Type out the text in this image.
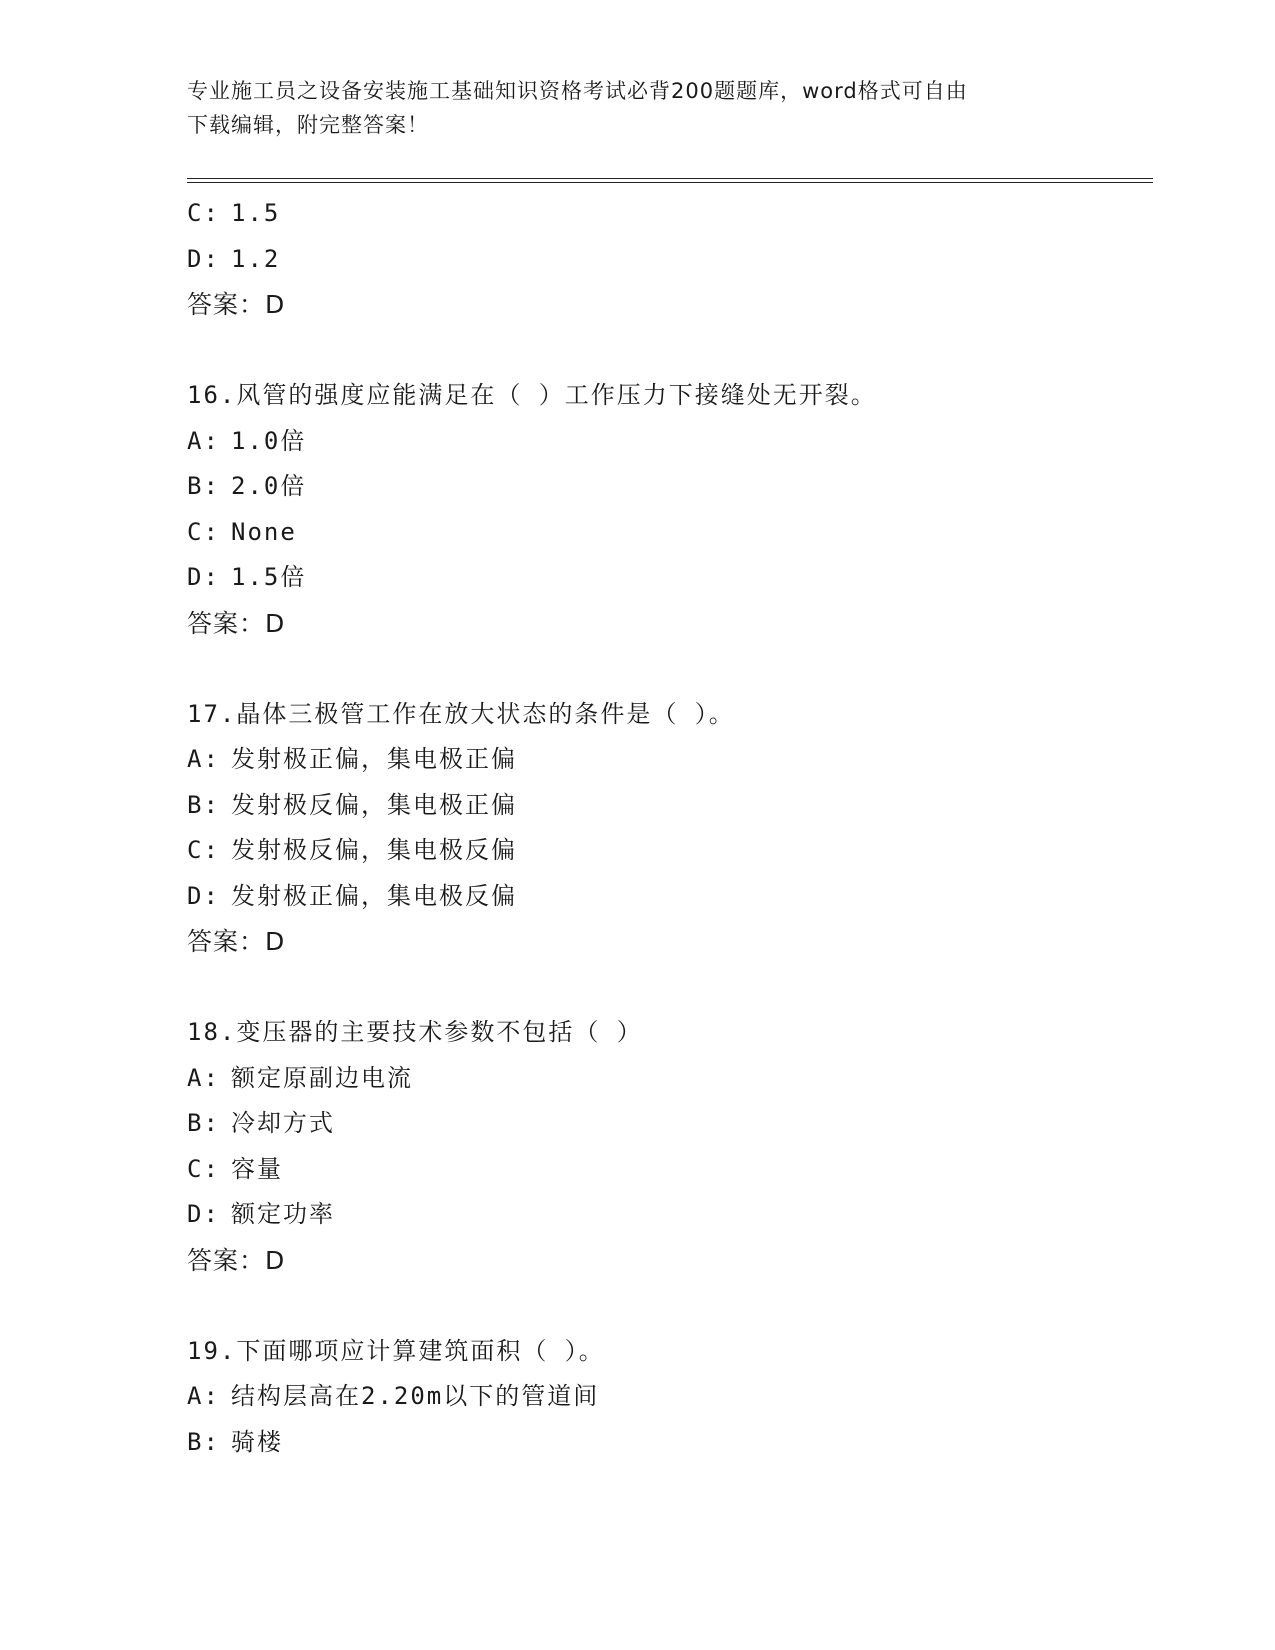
专业施工员之设备安装施工基础知识资格考试必背200题题库，word格式可自由
下载编辑，附完整答案！
C: 1.5
D: 1.2
答案：D
16.风管的强度应能满足在（ ）工作压力下接缝处无开裂。
A: 1.0倍
B: 2.0倍
C: None
D: 1.5倍
答案：D
17.晶体三极管工作在放大状态的条件是（ ）。
A: 发射极正偏，集电极正偏
B: 发射极反偏，集电极正偏
C: 发射极反偏，集电极反偏
D: 发射极正偏，集电极反偏
答案：D
18.变压器的主要技术参数不包括（ ）
A: 额定原副边电流
B: 冷却方式
C: 容量
D: 额定功率
答案：D
19.下面哪项应计算建筑面积（ ）。
A: 结构层高在2.20m以下的管道间
B: 骑楼
